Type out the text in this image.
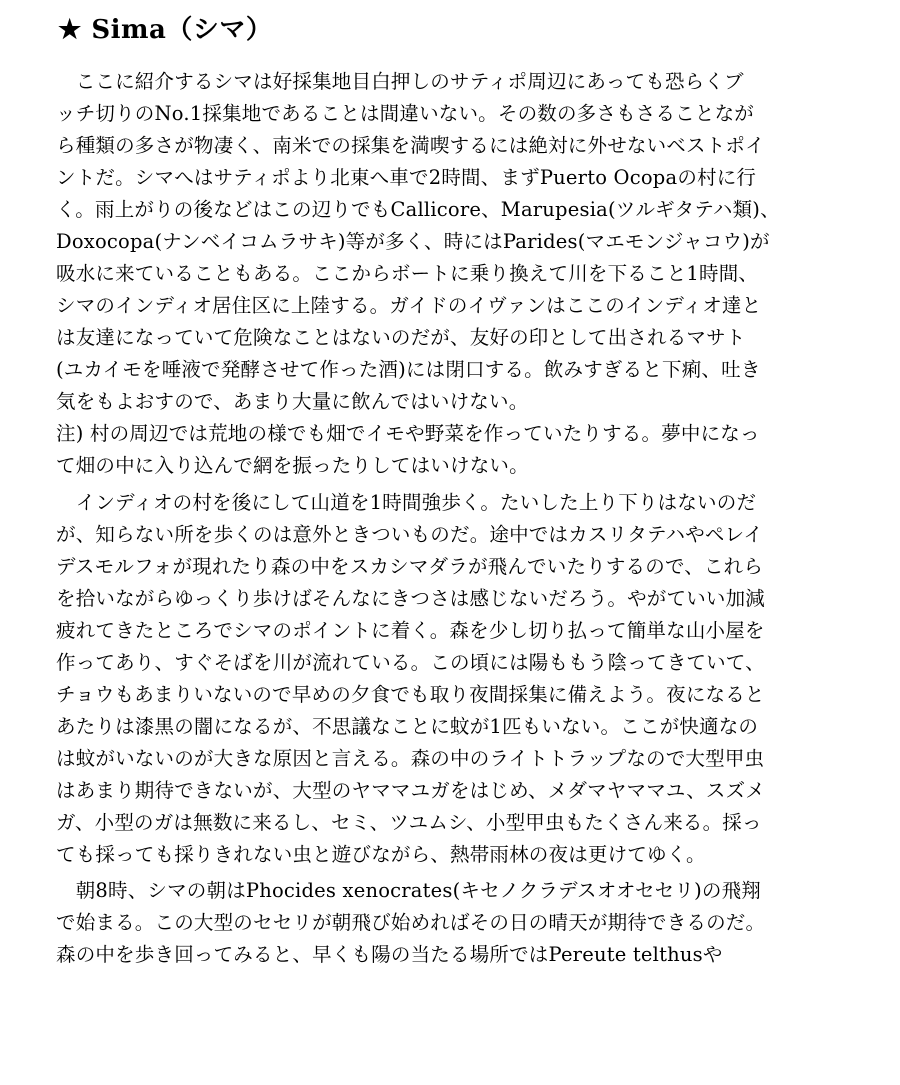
★ Sima（シマ）
　ここに紹介するシマは好採集地目白押しのサティポ周辺にあっても恐らくブ
ッチ切りのNo.1採集地であることは間違いない。その数の多さもさることなが
ら種類の多さが物凄く、南米での採集を満喫するには絶対に外せないベストポイ
ントだ。シマへはサティポより北東へ車で2時間、まずPuerto Ocopaの村に行
く。雨上がりの後などはこの辺りでもCallicore、Marupesia(ツルギタテハ類)、
Doxocopa(ナンベイコムラサキ)等が多く、時にはParides(マエモンジャコウ)が
吸水に来ていることもある。ここからボートに乗り換えて川を下ること1時間、
シマのインディオ居住区に上陸する。ガイドのイヴァンはここのインディオ達と
は友達になっていて危険なことはないのだが、友好の印として出されるマサト
(ユカイモを唾液で発酵させて作った酒)には閉口する。飲みすぎると下痢、吐き
気をもよおすので、あまり大量に飲んではいけない。
注) 村の周辺では荒地の様でも畑でイモや野菜を作っていたりする。夢中になっ
て畑の中に入り込んで網を振ったりしてはいけない。
　インディオの村を後にして山道を1時間強歩く。たいした上り下りはないのだ
が、知らない所を歩くのは意外ときついものだ。途中ではカスリタテハやペレイ
デスモルフォが現れたり森の中をスカシマダラが飛んでいたりするので、これら
を拾いながらゆっくり歩けばそんなにきつさは感じないだろう。やがていい加減
疲れてきたところでシマのポイントに着く。森を少し切り払って簡単な山小屋を
作ってあり、すぐそばを川が流れている。この頃には陽ももう陰ってきていて、
チョウもあまりいないので早めの夕食でも取り夜間採集に備えよう。夜になると
あたりは漆黒の闇になるが、不思議なことに蚊が1匹もいない。ここが快適なの
は蚊がいないのが大きな原因と言える。森の中のライトトラップなので大型甲虫
はあまり期待できないが、大型のヤママユガをはじめ、メダマヤママユ、スズメ
ガ、小型のガは無数に来るし、セミ、ツユムシ、小型甲虫もたくさん来る。採っ
ても採っても採りきれない虫と遊びながら、熱帯雨林の夜は更けてゆく。
　朝8時、シマの朝はPhocides xenocrates(キセノクラデスオオセセリ)の飛翔
で始まる。この大型のセセリが朝飛び始めればその日の晴天が期待できるのだ。
森の中を歩き回ってみると、早くも陽の当たる場所ではPereute telthusや
